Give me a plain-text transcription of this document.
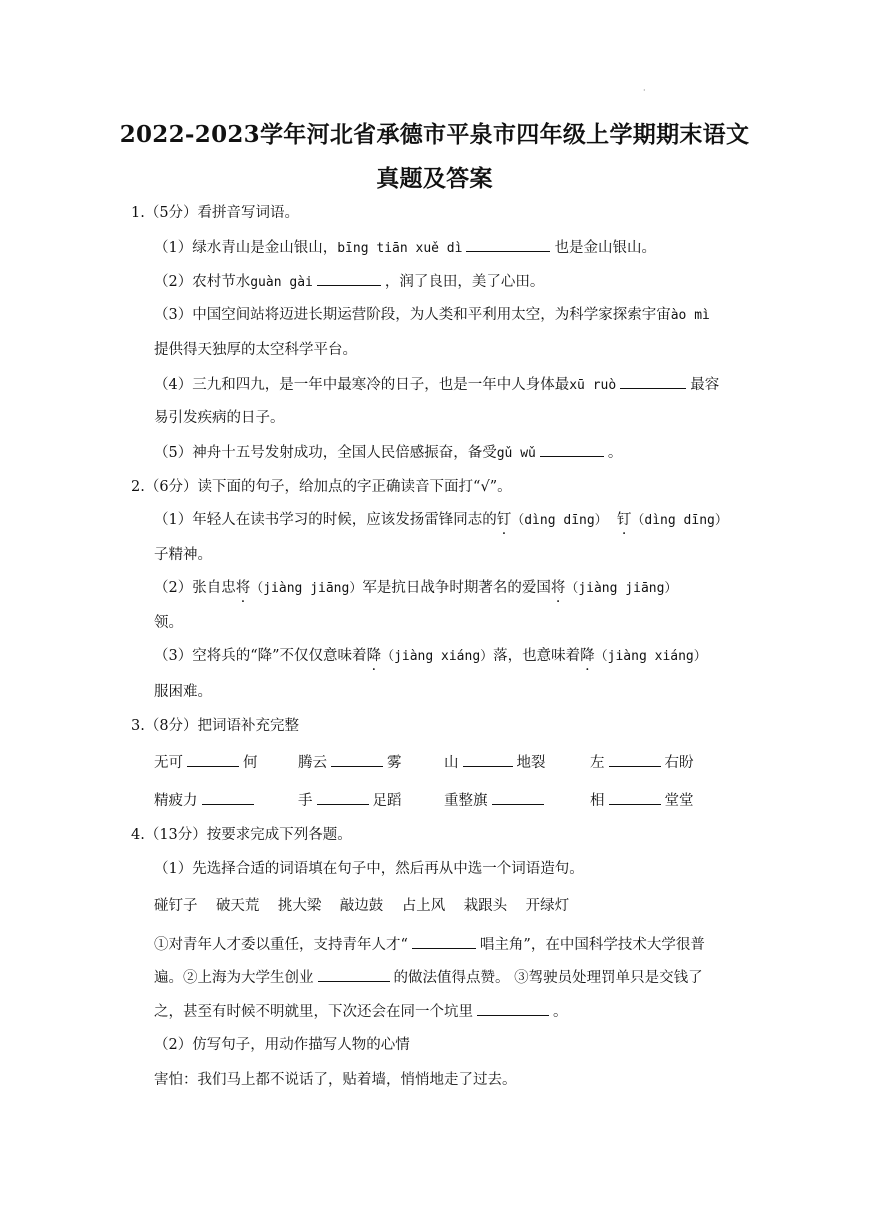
·
2022-2023学年河北省承德市平泉市四年级上学期期末语文
真题及答案
1.（5分）看拼音写词语。
（1）绿水青山是金山银山，bīng tiān xuě dì	也是金山银山。
（2）农村节水guàn gài	，润了良田，美了心田。
（3）中国空间站将迈进长期运营阶段，为人类和平利用太空，为科学家探索宇宙ào mì
提供得天独厚的太空科学平台。
（4）三九和四九，是一年中最寒冷的日子，也是一年中人身体最xū ruò	最容
易引发疾病的日子。
（5）神舟十五号发射成功，全国人民倍感振奋，备受gǔ wǔ	。
2.（6分）读下面的句子，给加点的字正确读音下面打“√”。
（1）年轻人在读书学习的时候，应该发扬雷锋同志的钉（dìng dīng） 钉（dìng dīng）
子精神。
（2）张自忠将（jiàng jiāng）军是抗日战争时期著名的爱国将（jiàng jiāng）
领。
（3）空将兵的“降”不仅仅意味着降（jiàng xiáng）落，也意味着降（jiàng xiáng）
服困难。
3.（8分）把词语补充完整
无可	何	腾云	雾	山	地裂	左	右盼
精疲力	手	足蹈	重整旗	相	堂堂
4.（13分）按要求完成下列各题。
（1）先选择合适的词语填在句子中，然后再从中选一个词语造句。
碰钉子 破天荒 挑大梁 敲边鼓 占上风 栽跟头 开绿灯
①对青年人才委以重任，支持青年人才“	唱主角”，在中国科学技术大学很普
遍。②上海为大学生创业	的做法值得点赞。 ③驾驶员处理罚单只是交钱了
之，甚至有时候不明就里，下次还会在同一个坑里	。
（2）仿写句子，用动作描写人物的心情
害怕：我们马上都不说话了，贴着墙，悄悄地走了过去。
